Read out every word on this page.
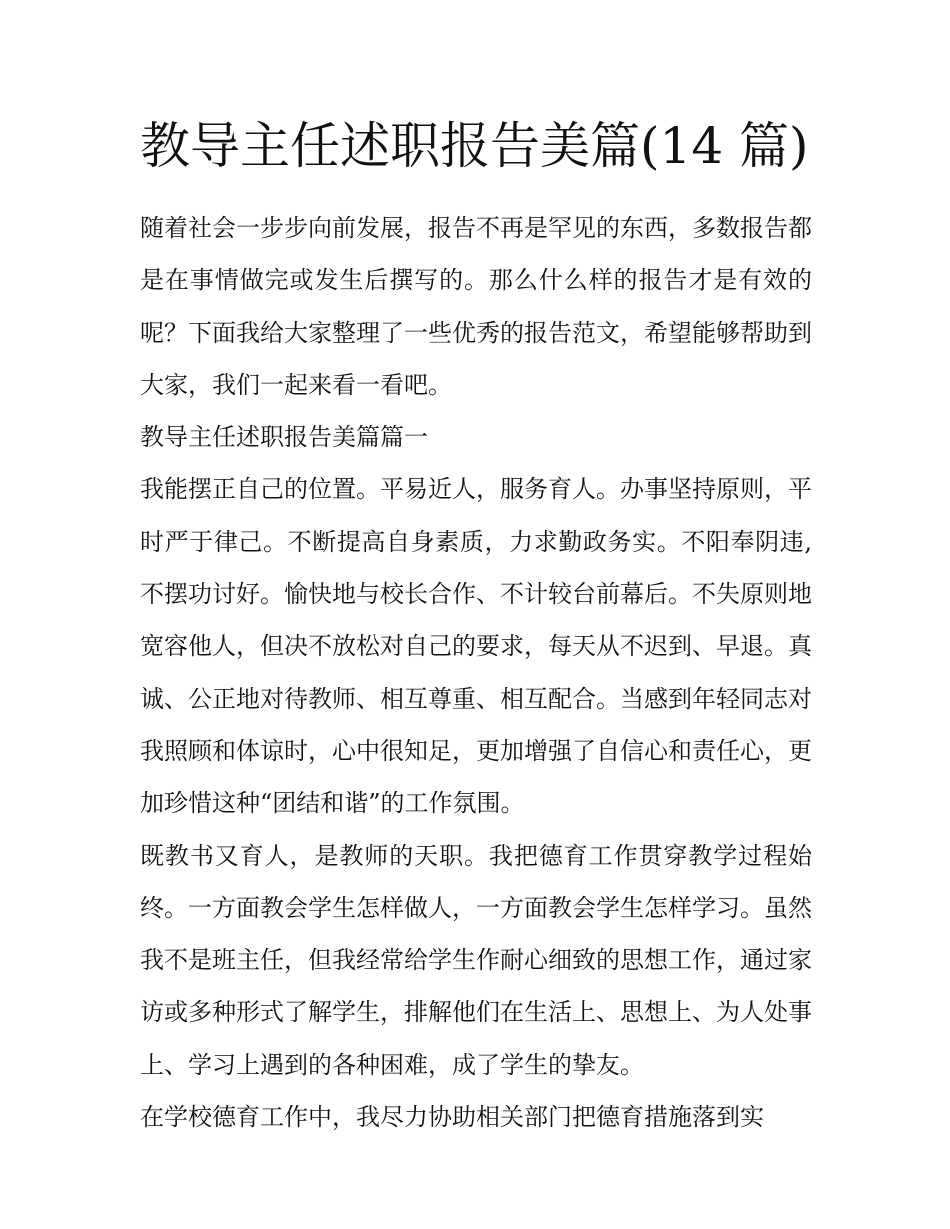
教导主任述职报告美篇(14 篇)

随着社会一步步向前发展，报告不再是罕见的东西，多数报告都是在事情做完或发生后撰写的。那么什么样的报告才是有效的呢？下面我给大家整理了一些优秀的报告范文，希望能够帮助到大家，我们一起来看一看吧。

教导主任述职报告美篇篇一

我能摆正自己的位置。平易近人，服务育人。办事坚持原则，平时严于律己。不断提高自身素质，力求勤政务实。不阳奉阴违,不摆功讨好。愉快地与校长合作、不计较台前幕后。不失原则地宽容他人，但决不放松对自己的要求，每天从不迟到、早退。真诚、公正地对待教师、相互尊重、相互配合。当感到年轻同志对我照顾和体谅时，心中很知足，更加增强了自信心和责任心，更加珍惜这种“团结和谐”的工作氛围。

既教书又育人，是教师的天职。我把德育工作贯穿教学过程始终。一方面教会学生怎样做人，一方面教会学生怎样学习。虽然我不是班主任，但我经常给学生作耐心细致的思想工作，通过家访或多种形式了解学生，排解他们在生活上、思想上、为人处事上、学习上遇到的各种困难，成了学生的挚友。

在学校德育工作中，我尽力协助相关部门把德育措施落到实
